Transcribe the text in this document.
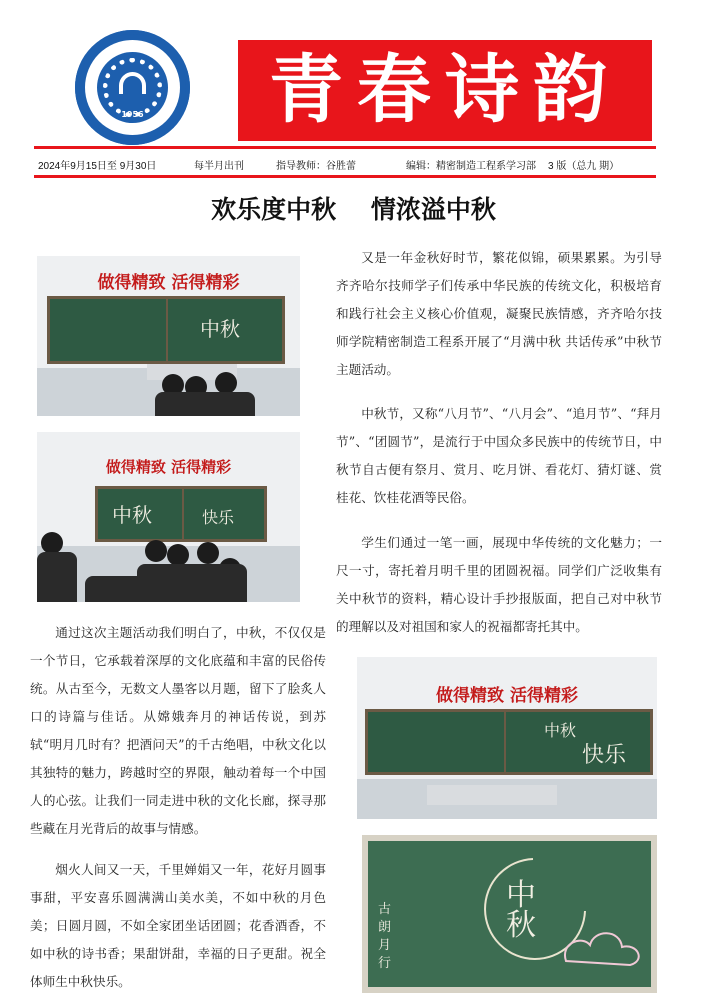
1956	青春诗韵
2024年9月15日至 9月30日	每半月出刊	指导教师：谷胜蕾	编辑：精密制造工程系学习部 3 版（总九 期）
欢乐度中秋    情浓溢中秋
做得精致 活得精彩
中秋
做得精致 活得精彩
中秋	快乐
做得精致 活得精彩
中秋
快乐
中秋
古朗月行
又是一年金秋好时节，繁花似锦，硕果累累。为引导齐齐哈尔技师学子们传承中华民族的传统文化，积极培育和践行社会主义核心价值观，凝聚民族情感，齐齐哈尔技师学院精密制造工程系开展了“月满中秋 共话传承”中秋节主题活动。
中秋节，又称“八月节”、“八月会”、“追月节”、“拜月节”、“团圆节”，是流行于中国众多民族中的传统节日，中秋节自古便有祭月、赏月、吃月饼、看花灯、猜灯谜、赏桂花、饮桂花酒等民俗。
学生们通过一笔一画，展现中华传统的文化魅力；一尺一寸，寄托着月明千里的团圆祝福。同学们广泛收集有关中秋节的资料，精心设计手抄报版面，把自己对中秋节的理解以及对祖国和家人的祝福都寄托其中。
通过这次主题活动我们明白了，中秋，不仅仅是一个节日，它承载着深厚的文化底蕴和丰富的民俗传统。从古至今，无数文人墨客以月题，留下了脍炙人口的诗篇与佳话。从嫦娥奔月的神话传说，到苏轼“明月几时有？把酒问天”的千古绝唱，中秋文化以其独特的魅力，跨越时空的界限，触动着每一个中国人的心弦。让我们一同走进中秋的文化长廊，探寻那些藏在月光背后的故事与情感。
烟火人间又一天，千里婵娟又一年，花好月圆事事甜，平安喜乐圆满满山美水美，不如中秋的月色美；日圆月圆，不如全家团坐话团圆；花香酒香，不如中秋的诗书香；果甜饼甜，幸福的日子更甜。祝全体师生中秋快乐。
